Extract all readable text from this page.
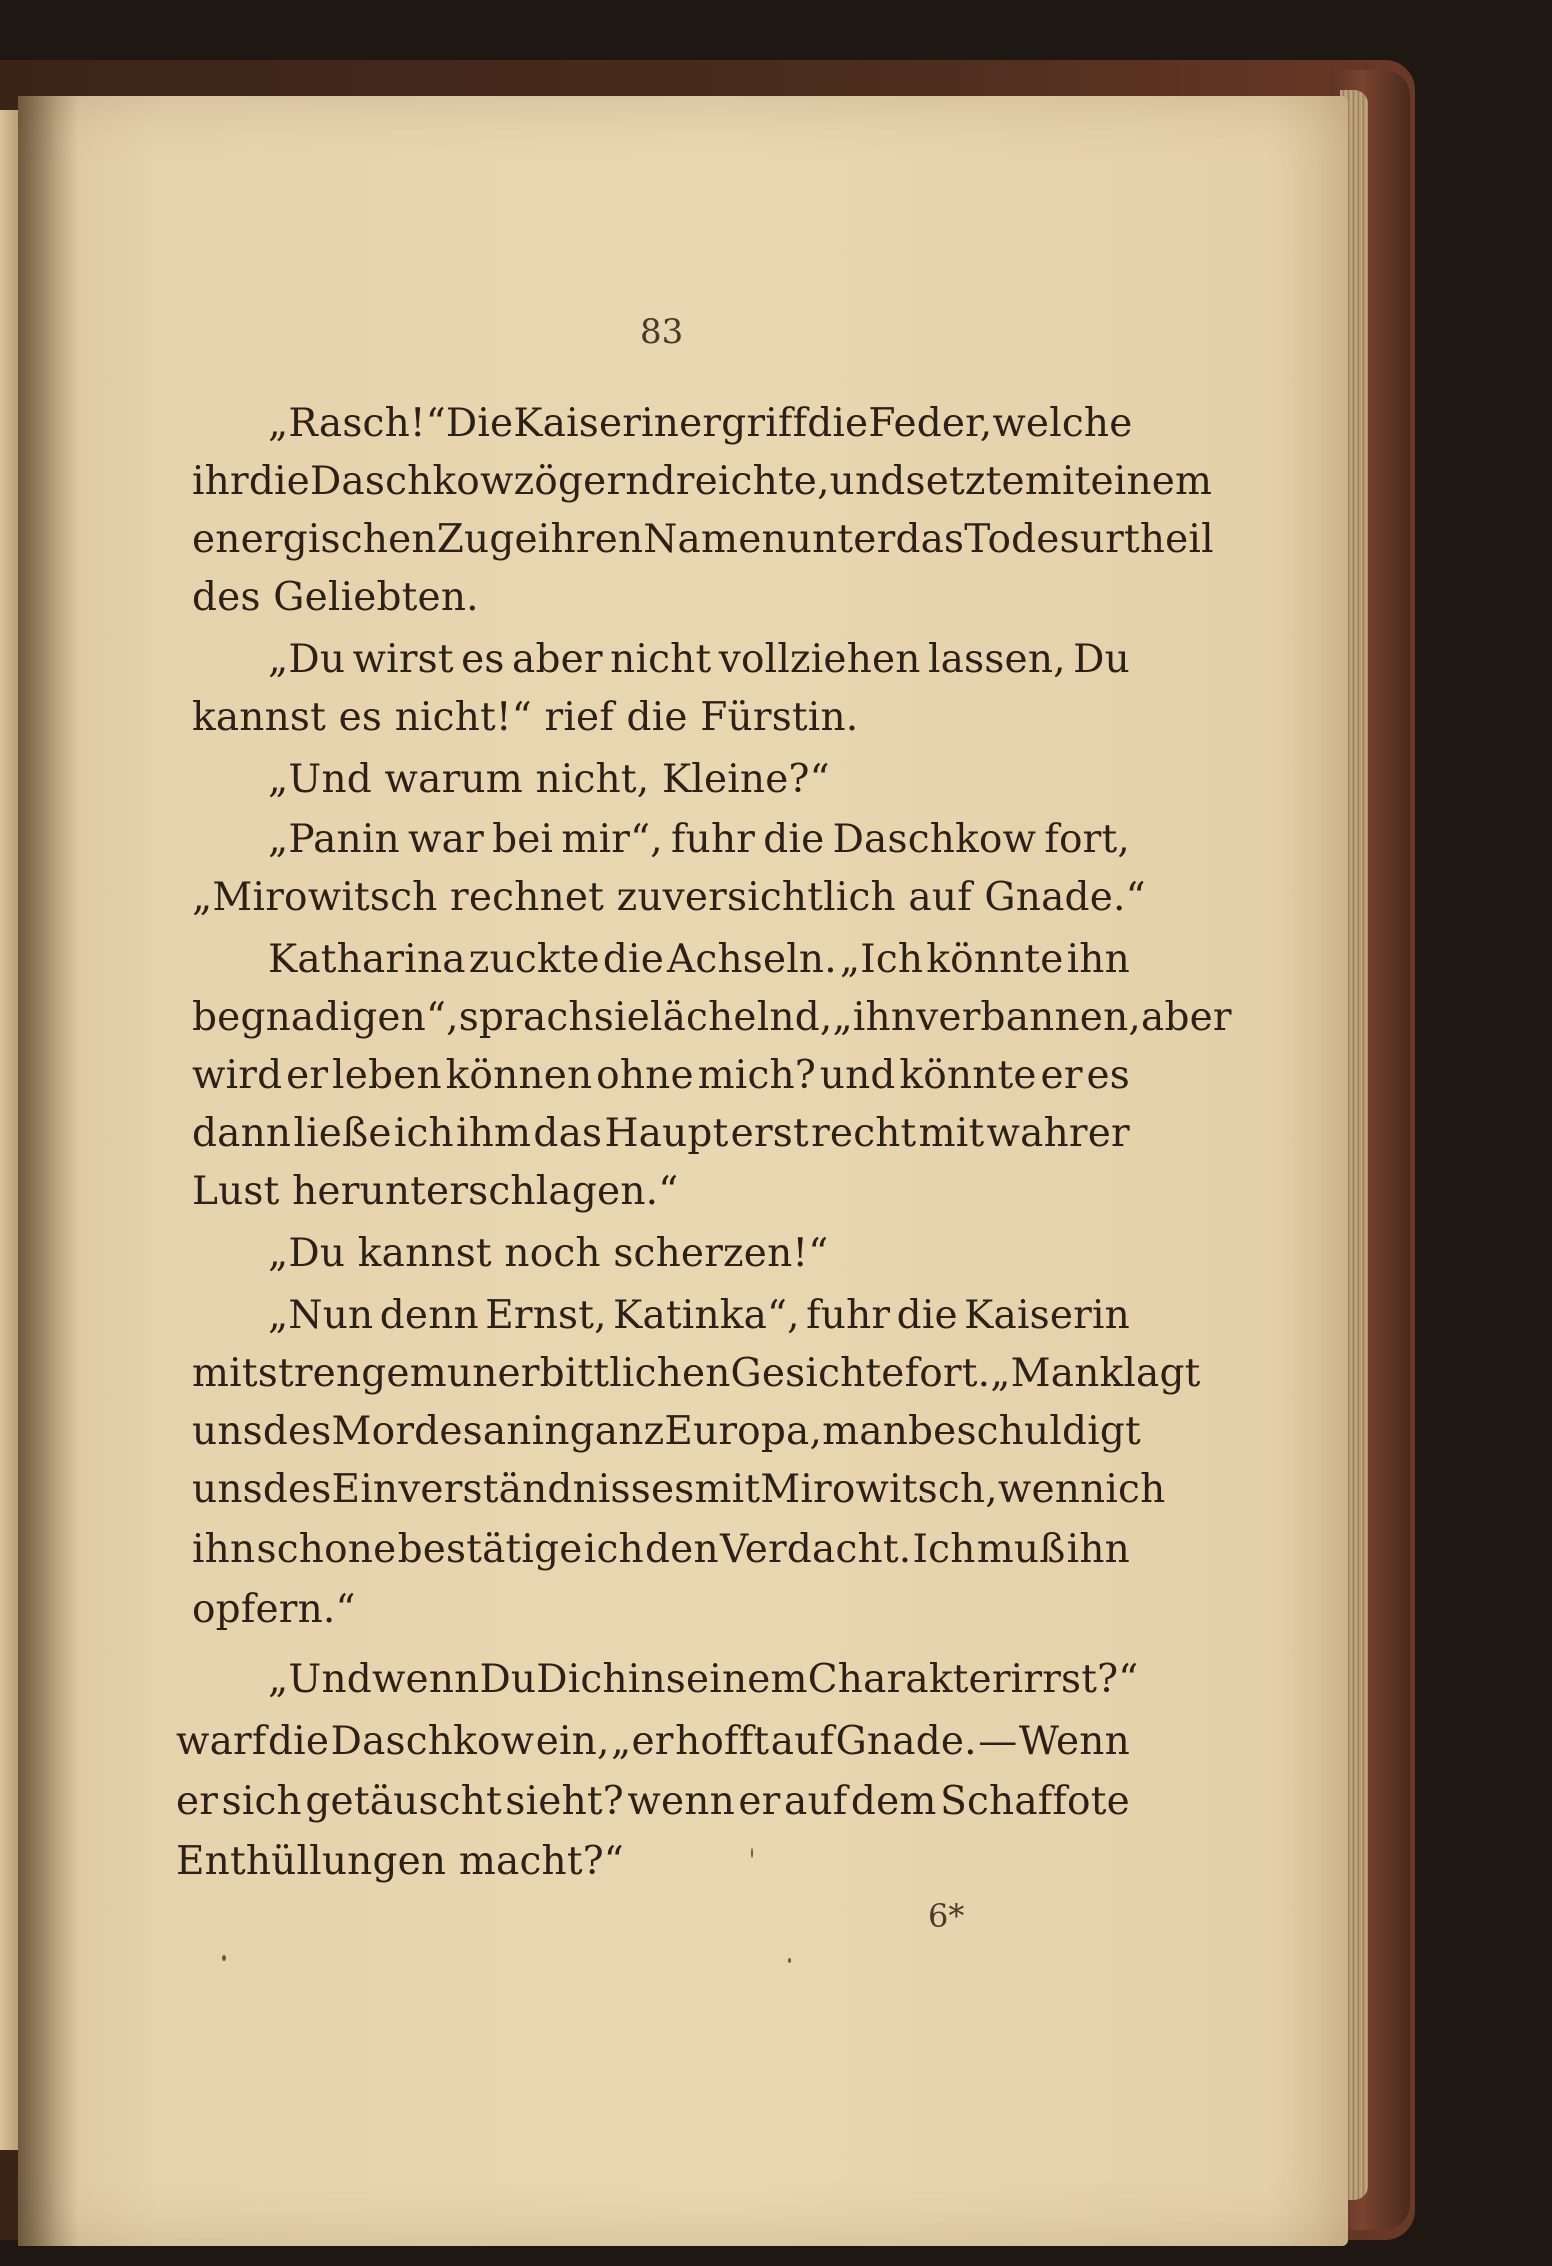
83
„Rasch!“ Die Kaiserin ergriff die Feder, welche
ihr die Daschkow zögernd reichte, und setzte mit einem
energischen Zuge ihren Namen unter das Todesurtheil
des Geliebten.
„Du wirst es aber nicht vollziehen lassen, Du
kannst es nicht!“ rief die Fürstin.
„Und warum nicht, Kleine?“
„Panin war bei mir“, fuhr die Daschkow fort,
„Mirowitsch rechnet zuversichtlich auf Gnade.“
Katharina zuckte die Achseln. „Ich könnte ihn
begnadigen“, sprach sie lächelnd, „ihn verbannen, aber
wird er leben können ohne mich? und könnte er es
dann ließe ich ihm das Haupt erst recht mit wahrer
Lust herunterschlagen.“
„Du kannst noch scherzen!“
„Nun denn Ernst, Katinka“, fuhr die Kaiserin
mit strengem unerbittlichen Gesichte fort. „Man klagt
uns des Mordes an in ganz Europa, man beschuldigt
uns des Einverständnisses mit Mirowitsch, wenn ich
ihn schone bestätige ich den Verdacht. Ich muß ihn
opfern.“
„Und wenn Du Dich in seinem Charakter irrst?“
warf die Daschkow ein, „er hofft auf Gnade. — Wenn
er sich getäuscht sieht? wenn er auf dem Schaffote
Enthüllungen macht?“
6*
